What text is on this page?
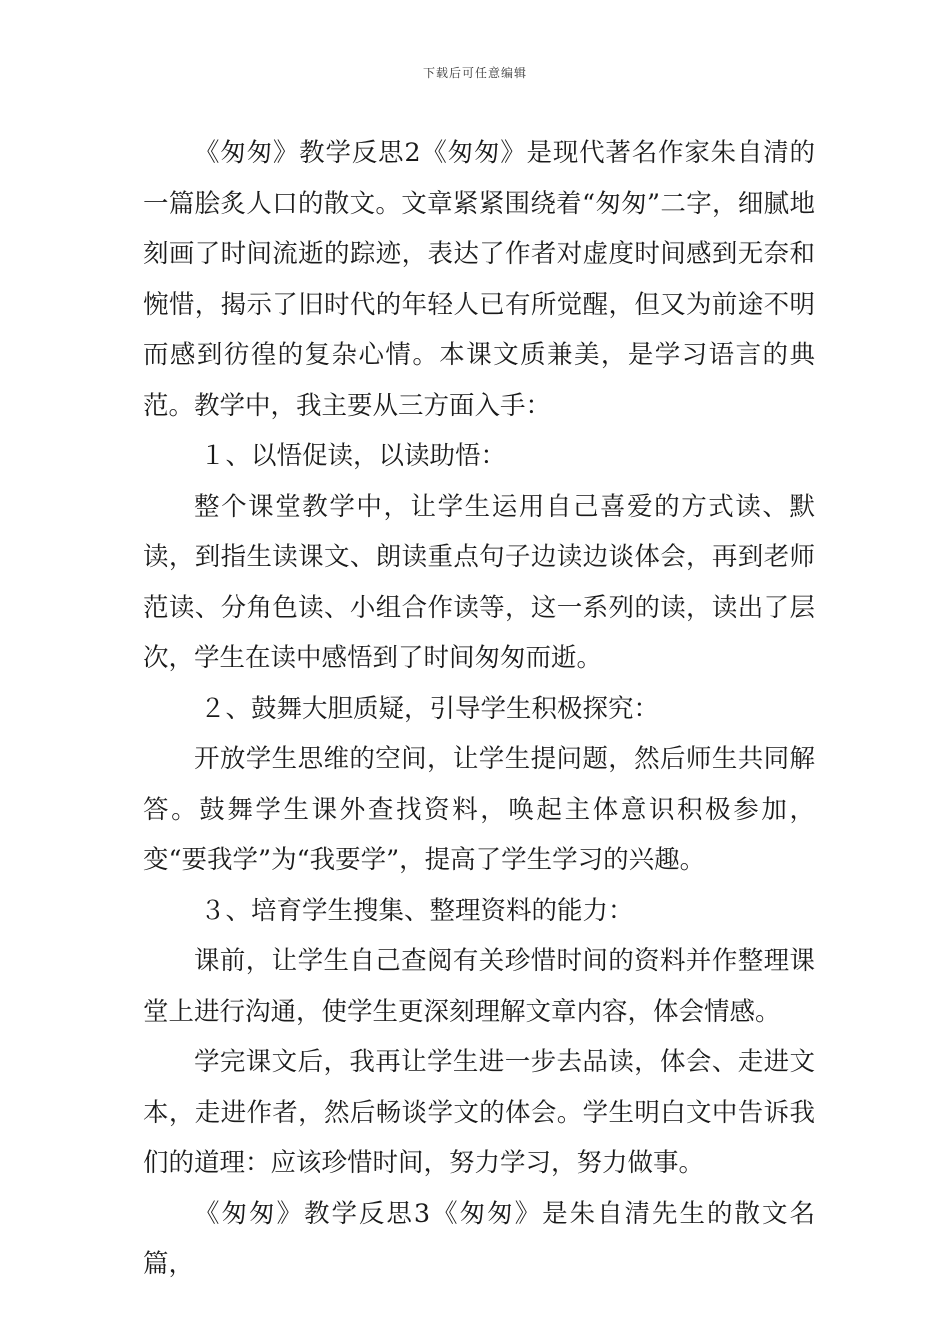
下载后可任意编辑

《匆匆》教学反思2《匆匆》是现代著名作家朱自清的一篇脍炙人口的散文。文章紧紧围绕着“匆匆”二字，细腻地刻画了时间流逝的踪迹，表达了作者对虚度时间感到无奈和惋惜，揭示了旧时代的年轻人已有所觉醒，但又为前途不明而感到彷徨的复杂心情。本课文质兼美，是学习语言的典范。教学中，我主要从三方面入手：

１、以悟促读，以读助悟：

整个课堂教学中，让学生运用自己喜爱的方式读、默读，到指生读课文、朗读重点句子边读边谈体会，再到老师范读、分角色读、小组合作读等，这一系列的读，读出了层次，学生在读中感悟到了时间匆匆而逝。

２、鼓舞大胆质疑，引导学生积极探究：

开放学生思维的空间，让学生提问题，然后师生共同解答。鼓舞学生课外查找资料，唤起主体意识积极参加，变“要我学”为“我要学”，提高了学生学习的兴趣。

３、培育学生搜集、整理资料的能力：

课前，让学生自己查阅有关珍惜时间的资料并作整理课堂上进行沟通，使学生更深刻理解文章内容，体会情感。

学完课文后，我再让学生进一步去品读，体会、走进文本，走进作者，然后畅谈学文的体会。学生明白文中告诉我们的道理：应该珍惜时间，努力学习，努力做事。

《匆匆》教学反思3《匆匆》是朱自清先生的散文名篇，
